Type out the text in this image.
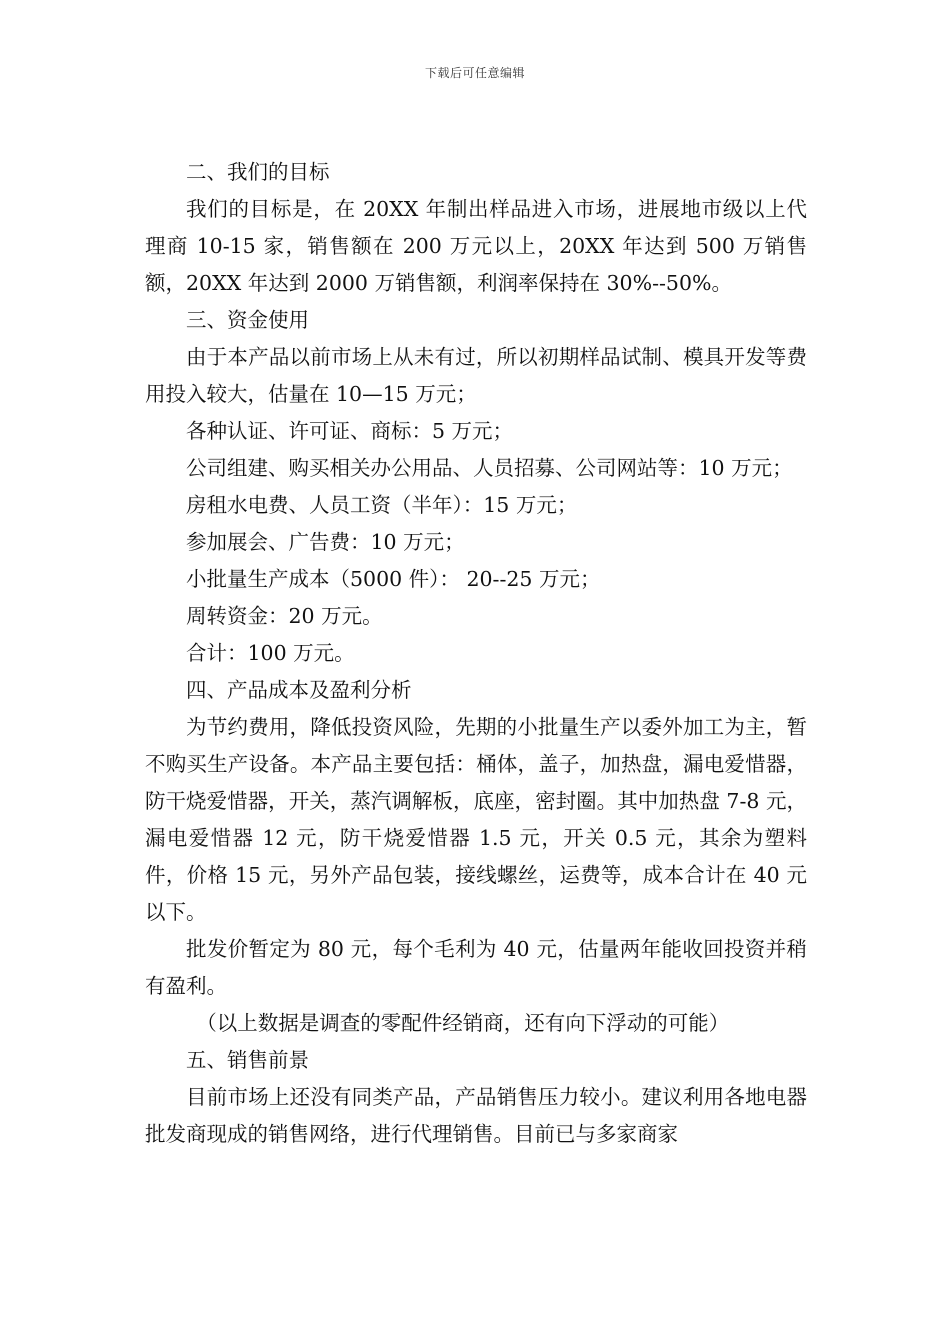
下载后可任意编辑

二、我们的目标

我们的目标是，在 20XX 年制出样品进入市场，进展地市级以上代理商 10-15 家，销售额在 200 万元以上，20XX 年达到 500 万销售额，20XX 年达到 2000 万销售额，利润率保持在 30%--50%。

三、资金使用

由于本产品以前市场上从未有过，所以初期样品试制、模具开发等费用投入较大，估量在 10—15 万元；

各种认证、许可证、商标：5 万元；

公司组建、购买相关办公用品、人员招募、公司网站等：10 万元；

房租水电费、人员工资（半年）：15 万元；

参加展会、广告费：10 万元；

小批量生产成本（5000 件）： 20--25 万元；

周转资金：20 万元。

合计：100 万元。

四、产品成本及盈利分析

为节约费用，降低投资风险，先期的小批量生产以委外加工为主，暂不购买生产设备。本产品主要包括：桶体，盖子，加热盘，漏电爱惜器，防干烧爱惜器，开关，蒸汽调解板，底座，密封圈。其中加热盘 7-8 元，漏电爱惜器 12 元，防干烧爱惜器 1.5 元，开关 0.5 元，其余为塑料件，价格 15 元，另外产品包装，接线螺丝，运费等，成本合计在 40 元以下。

批发价暂定为 80 元，每个毛利为 40 元，估量两年能收回投资并稍有盈利。

（以上数据是调查的零配件经销商，还有向下浮动的可能）

五、销售前景

目前市场上还没有同类产品，产品销售压力较小。建议利用各地电器批发商现成的销售网络，进行代理销售。目前已与多家商家
